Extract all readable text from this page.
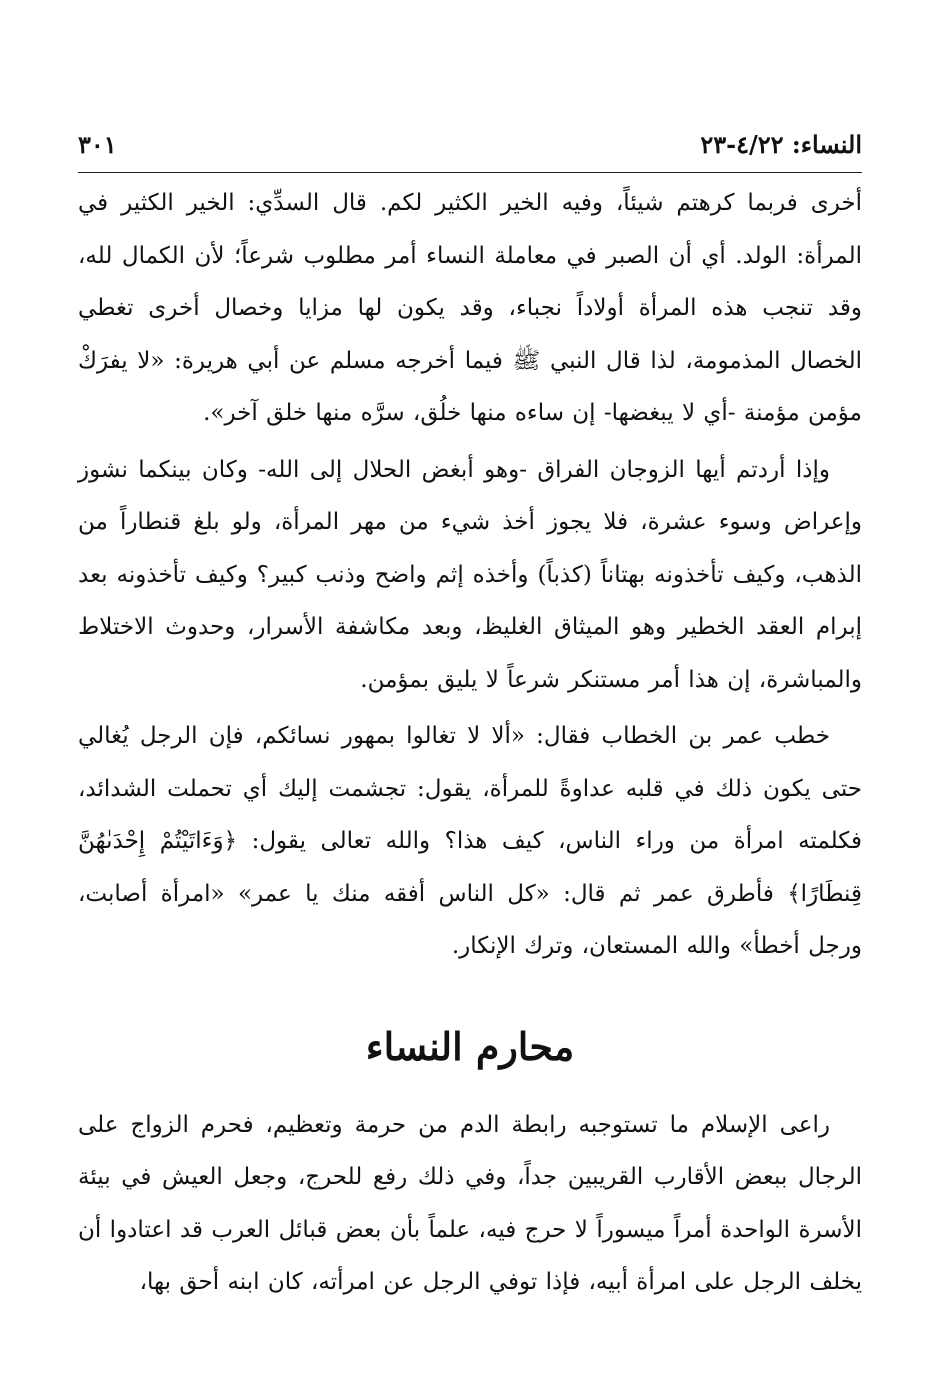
النساء: ٤/٢٢-٢٣
٣٠١

أخرى فربما كرهتم شيئاً، وفيه الخير الكثير لكم. قال السدِّي: الخير الكثير في المرأة: الولد. أي أن الصبر في معاملة النساء أمر مطلوب شرعاً؛ لأن الكمال لله، وقد تنجب هذه المرأة أولاداً نجباء، وقد يكون لها مزايا وخصال أخرى تغطي الخصال المذمومة، لذا قال النبي ﷺ فيما أخرجه مسلم عن أبي هريرة: «لا يفرَكْ مؤمن مؤمنة -أي لا يبغضها- إن ساءه منها خلُق، سرَّه منها خلق آخر».

وإذا أردتم أيها الزوجان الفراق -وهو أبغض الحلال إلى الله- وكان بينكما نشوز وإعراض وسوء عشرة، فلا يجوز أخذ شيء من مهر المرأة، ولو بلغ قنطاراً من الذهب، وكيف تأخذونه بهتاناً (كذباً) وأخذه إثم واضح وذنب كبير؟ وكيف تأخذونه بعد إبرام العقد الخطير وهو الميثاق الغليظ، وبعد مكاشفة الأسرار، وحدوث الاختلاط والمباشرة، إن هذا أمر مستنكر شرعاً لا يليق بمؤمن.

خطب عمر بن الخطاب فقال: «ألا لا تغالوا بمهور نسائكم، فإن الرجل يُغالي حتى يكون ذلك في قلبه عداوةً للمرأة، يقول: تجشمت إليك أي تحملت الشدائد، فكلمته امرأة من وراء الناس، كيف هذا؟ والله تعالى يقول: ﴿وَءَاتَيْتُمْ إِحْدَىٰهُنَّ قِنطَارًا﴾ فأطرق عمر ثم قال: «كل الناس أفقه منك يا عمر» «امرأة أصابت، ورجل أخطأ» والله المستعان، وترك الإنكار.

محارم النساء

راعى الإسلام ما تستوجبه رابطة الدم من حرمة وتعظيم، فحرم الزواج على الرجال ببعض الأقارب القريبين جداً، وفي ذلك رفع للحرج، وجعل العيش في بيئة الأسرة الواحدة أمراً ميسوراً لا حرج فيه، علماً بأن بعض قبائل العرب قد اعتادوا أن يخلف الرجل على امرأة أبيه، فإذا توفي الرجل عن امرأته، كان ابنه أحق بها،
